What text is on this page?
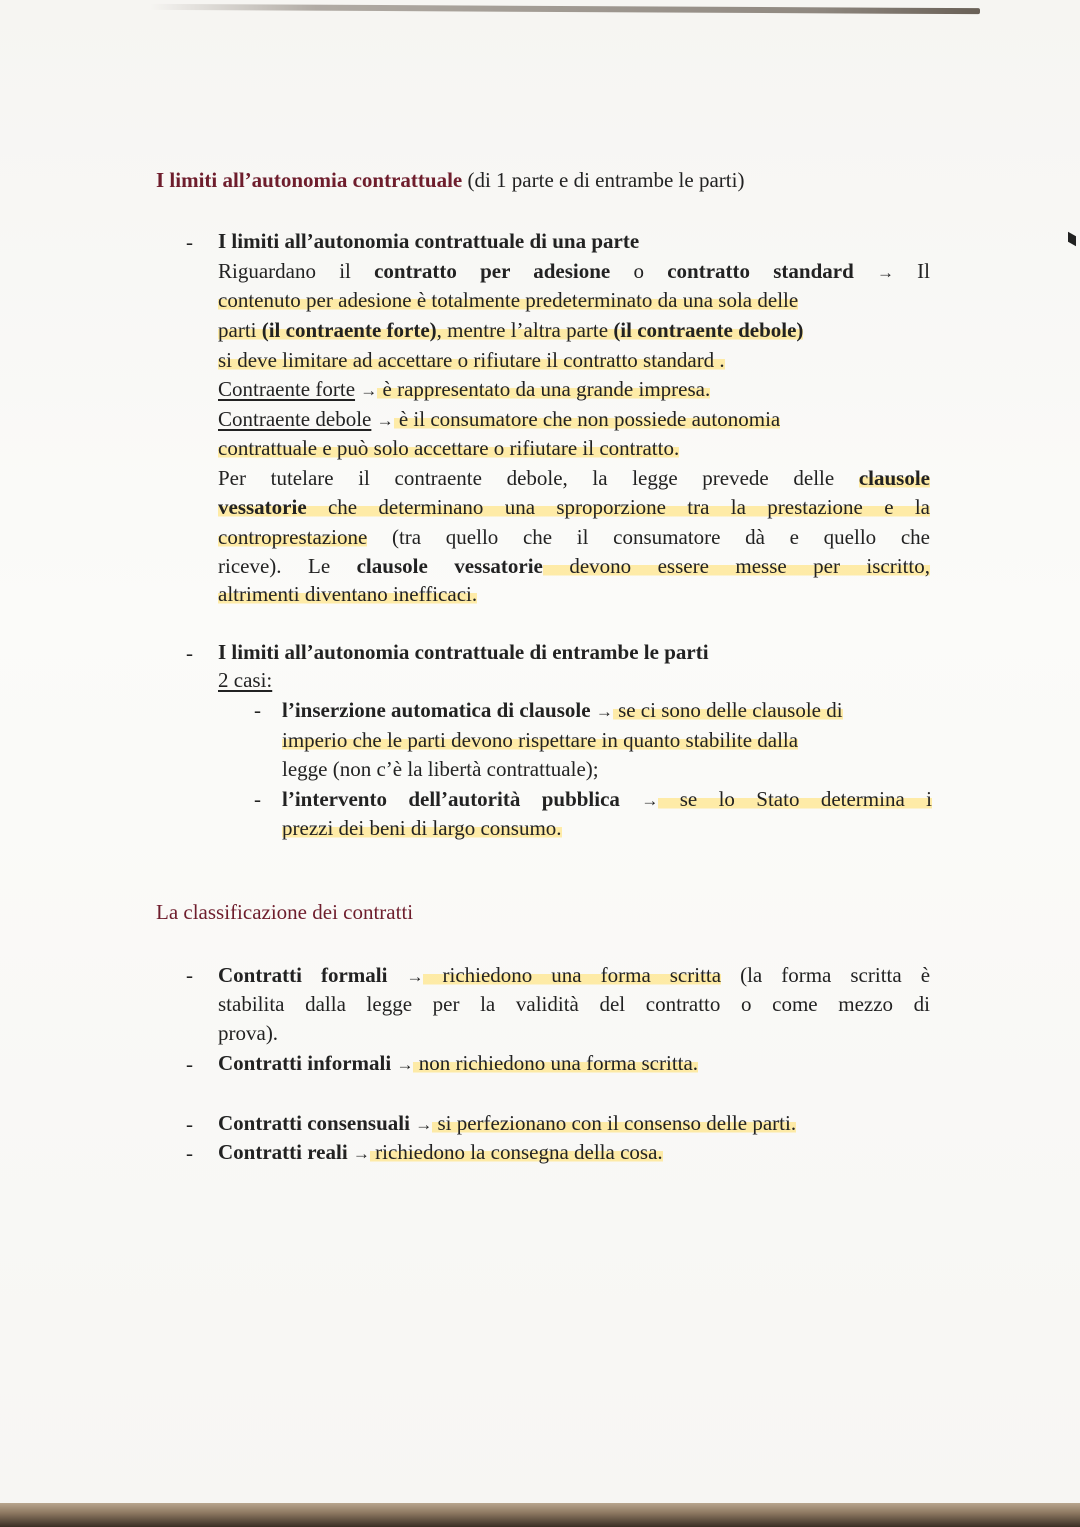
I limiti all’autonomia contrattuale (di 1 parte e di entrambe le parti)
- I limiti all’autonomia contrattuale di una parte
Riguardano il contratto per adesione o contratto standard → Il
contenuto per adesione è totalmente predeterminato da una sola delle
parti (il contraente forte), mentre l’altra parte (il contraente debole)
si deve limitare ad accettare o rifiutare il contratto standard .
Contraente forte → è rappresentato da una grande impresa.
Contraente debole → è il consumatore che non possiede autonomia
contrattuale e può solo accettare o rifiutare il contratto.
Per tutelare il contraente debole, la legge prevede delle clausole
vessatorie che determinano una sproporzione tra la prestazione e la
controprestazione (tra quello che il consumatore dà e quello che
riceve). Le clausole vessatorie devono essere messe per iscritto,
altrimenti diventano inefficaci.
- I limiti all’autonomia contrattuale di entrambe le parti
2 casi:
- l’inserzione automatica di clausole → se ci sono delle clausole di
imperio che le parti devono rispettare in quanto stabilite dalla
legge (non c’è la libertà contrattuale);
- l’intervento dell’autorità pubblica → se lo Stato determina i
prezzi dei beni di largo consumo.
La classificazione dei contratti
- Contratti formali → richiedono una forma scritta (la forma scritta è
stabilita dalla legge per la validità del contratto o come mezzo di
prova).
- Contratti informali → non richiedono una forma scritta.
- Contratti consensuali → si perfezionano con il consenso delle parti.
- Contratti reali → richiedono la consegna della cosa.
